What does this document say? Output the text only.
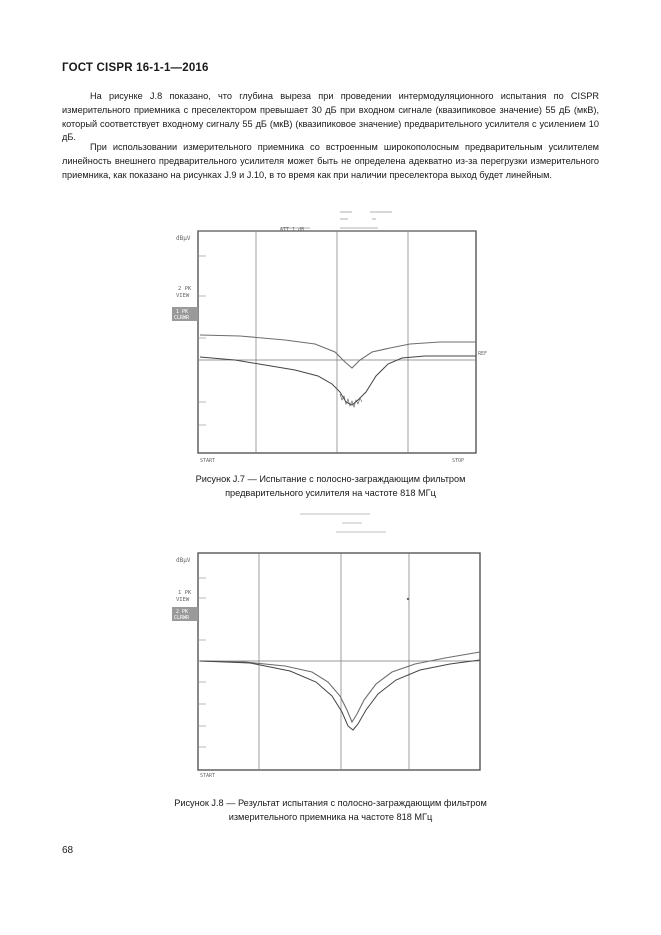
ГОСТ CISPR 16-1-1—2016

На рисунке J.8 показано, что глубина выреза при проведении интермодуляционного испытания по CISPR измерительного приемника с преселектором превышает 30 дБ при входном сигнале (квазипиковое значение) 55 дБ (мкВ), который соответствует входному сигналу 55 дБ (мкВ) (квазипиковое значение) предварительного усилителя с усилением 10 дБ.

При использовании измерительного приемника со встроенным широкополосным предварительным усилителем линейность внешнего предварительного усилителя может быть не определена адекватно из-за перегрузки измерительного приемника, как показано на рисунках J.9 и J.10, в то время как при наличии преселектора выход будет линейным.

dBµV
ATT 1 dB
2 PK
VIEW
1 PK
CLRWR
REF
START	STOP
Рисунок J.7 — Испытание с полосно-заграждающим фильтром
предварительного усилителя на частоте 818 МГц
dBµV
1 PK
VIEW
2 PK
CLRWR
START
Рисунок J.8 — Результат испытания с полосно-заграждающим фильтром
измерительного приемника на частоте 818 МГц
68
